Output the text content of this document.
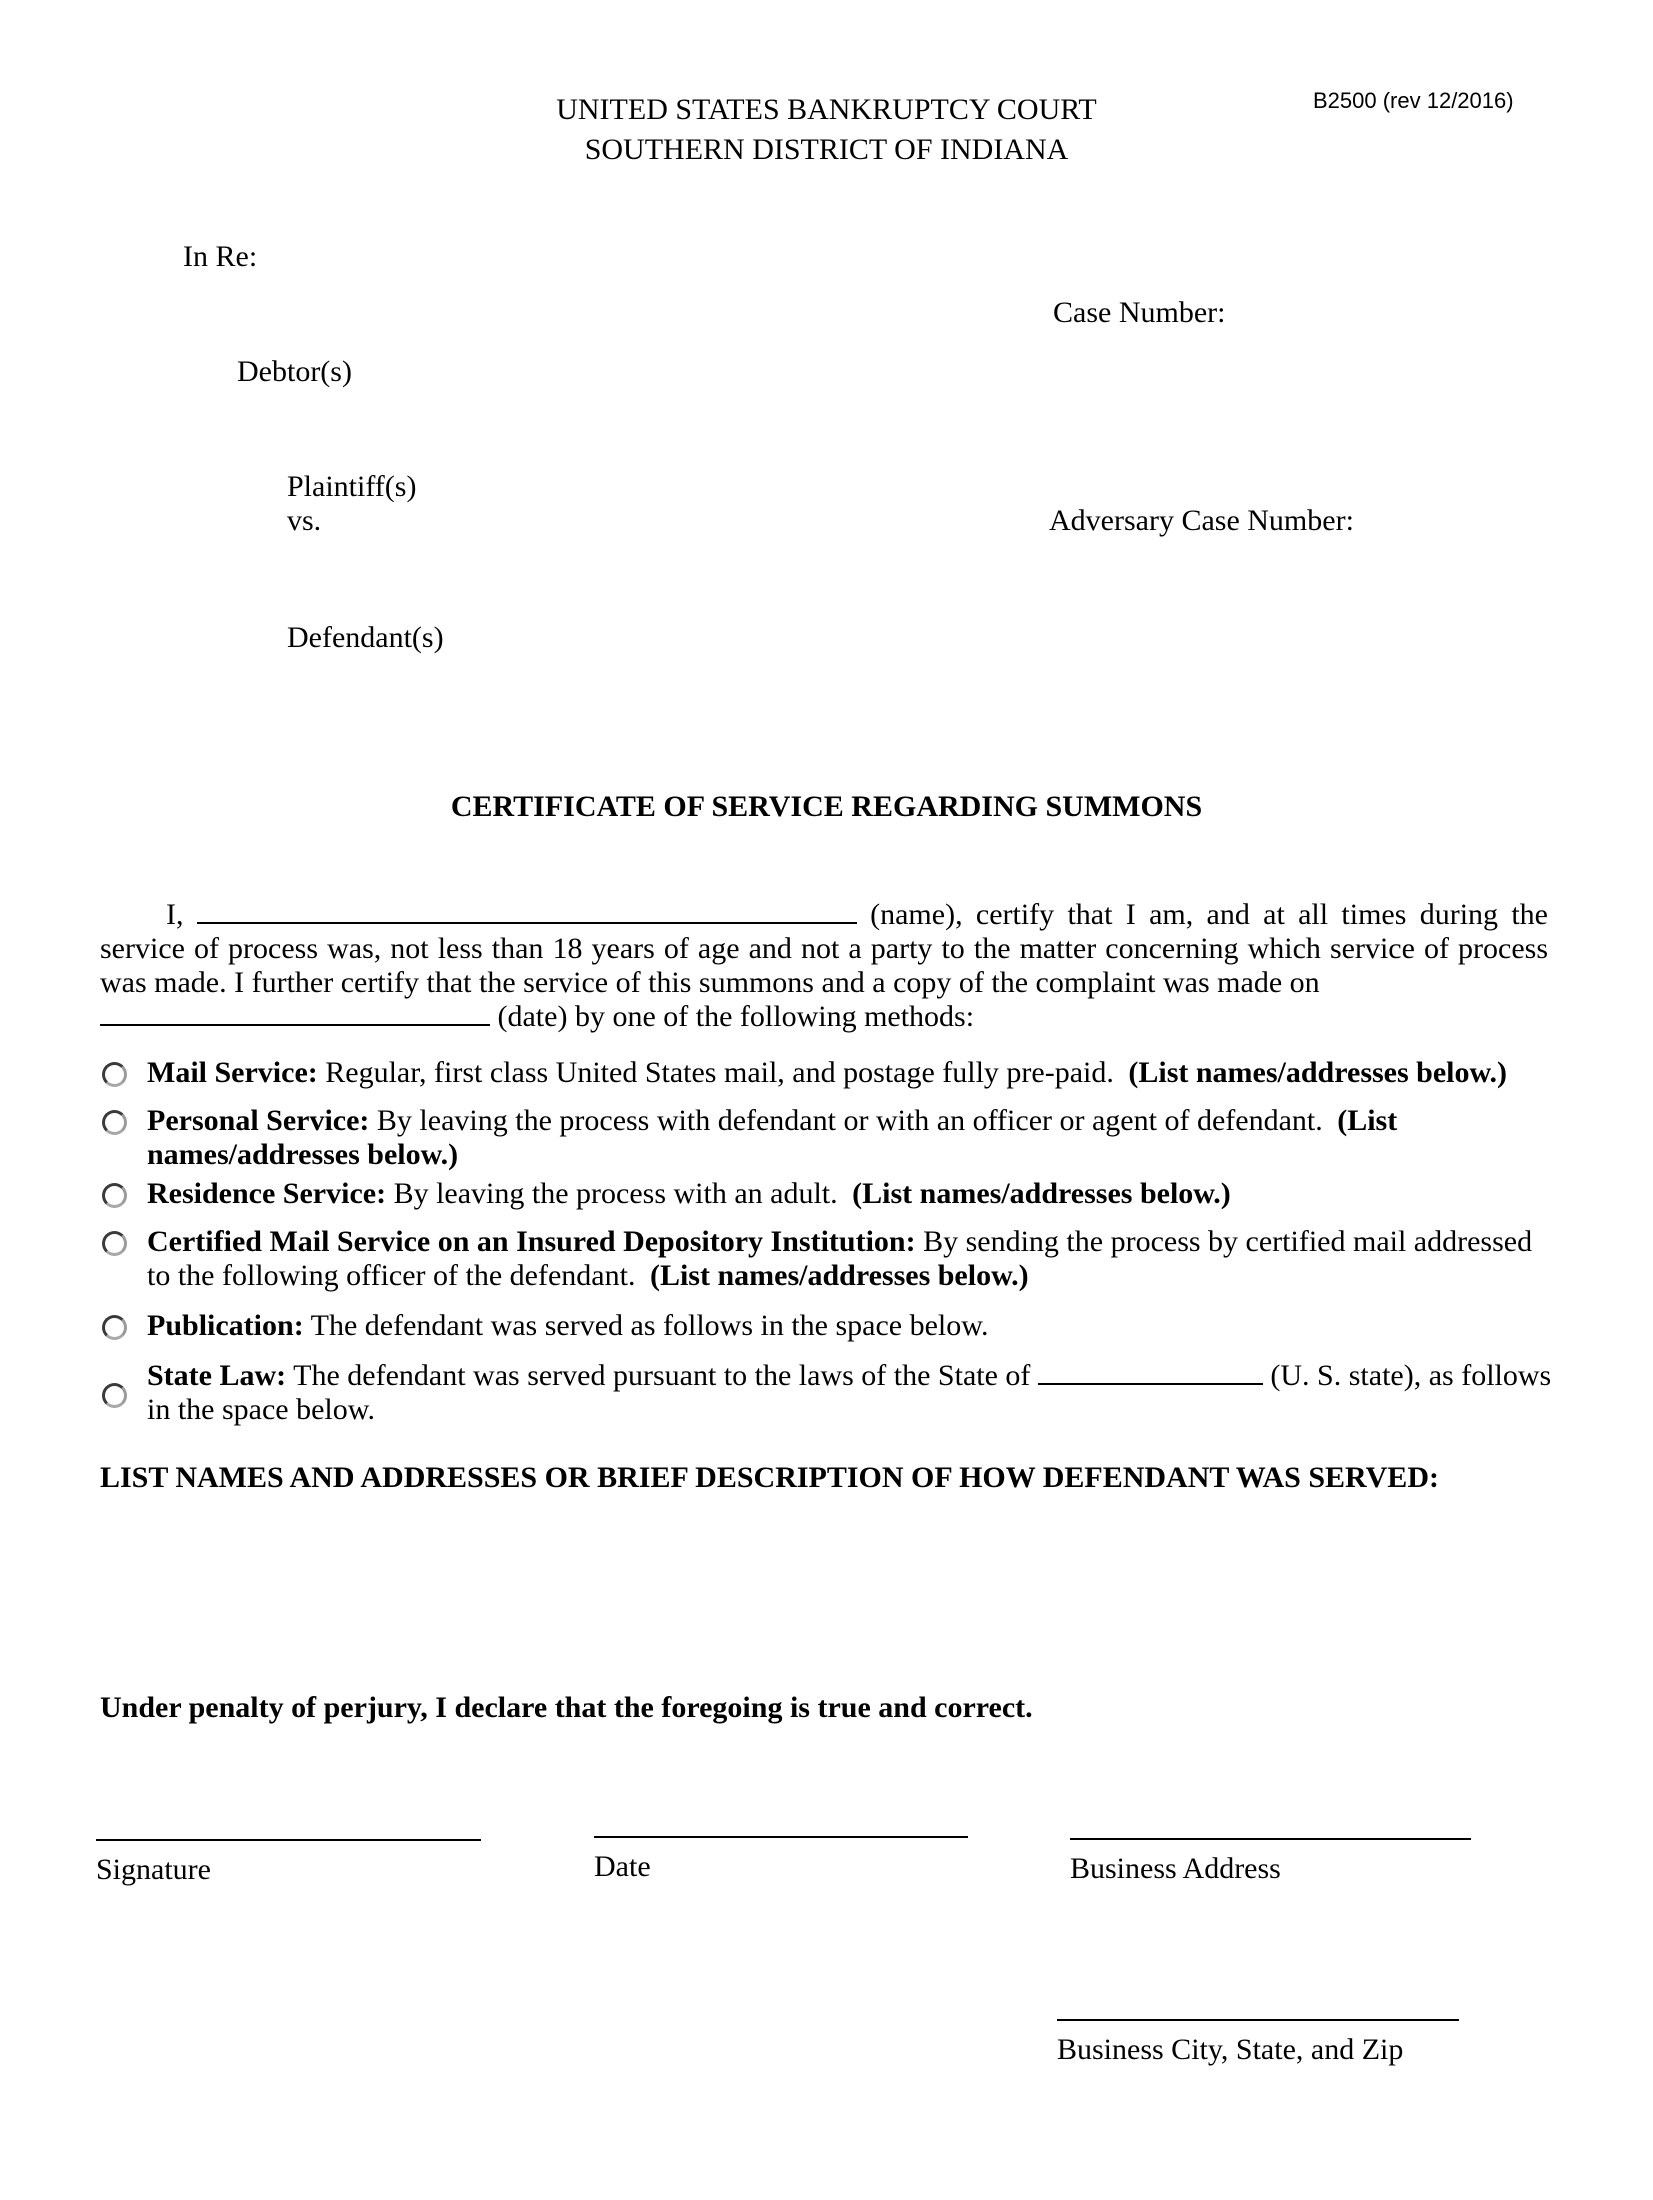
B2500 (rev 12/2016)
UNITED STATES BANKRUPTCY COURT
SOUTHERN DISTRICT OF INDIANA
In Re:
Case Number:
Debtor(s)
Plaintiff(s)
vs.	Adversary Case Number:
Defendant(s)
CERTIFICATE OF SERVICE REGARDING SUMMONS
I,	(name), certify that I am, and at all times during the service of process was, not less than 18 years of age and not a party to the matter concerning which service of process was made. I further certify that the service of this summons and a copy of the complaint was made on
(date) by one of the following methods:
Mail Service: Regular, first class United States mail, and postage fully pre-paid. (List names/addresses below.)
Personal Service: By leaving the process with defendant or with an officer or agent of defendant. (List names/addresses below.)
Residence Service: By leaving the process with an adult. (List names/addresses below.)
Certified Mail Service on an Insured Depository Institution: By sending the process by certified mail addressed to the following officer of the defendant. (List names/addresses below.)
Publication: The defendant was served as follows in the space below.
State Law: The defendant was served pursuant to the laws of the State of	(U. S. state), as follows in the space below.
LIST NAMES AND ADDRESSES OR BRIEF DESCRIPTION OF HOW DEFENDANT WAS SERVED:
Under penalty of perjury, I declare that the foregoing is true and correct.
Signature	Date	Business Address
Business City, State, and Zip
